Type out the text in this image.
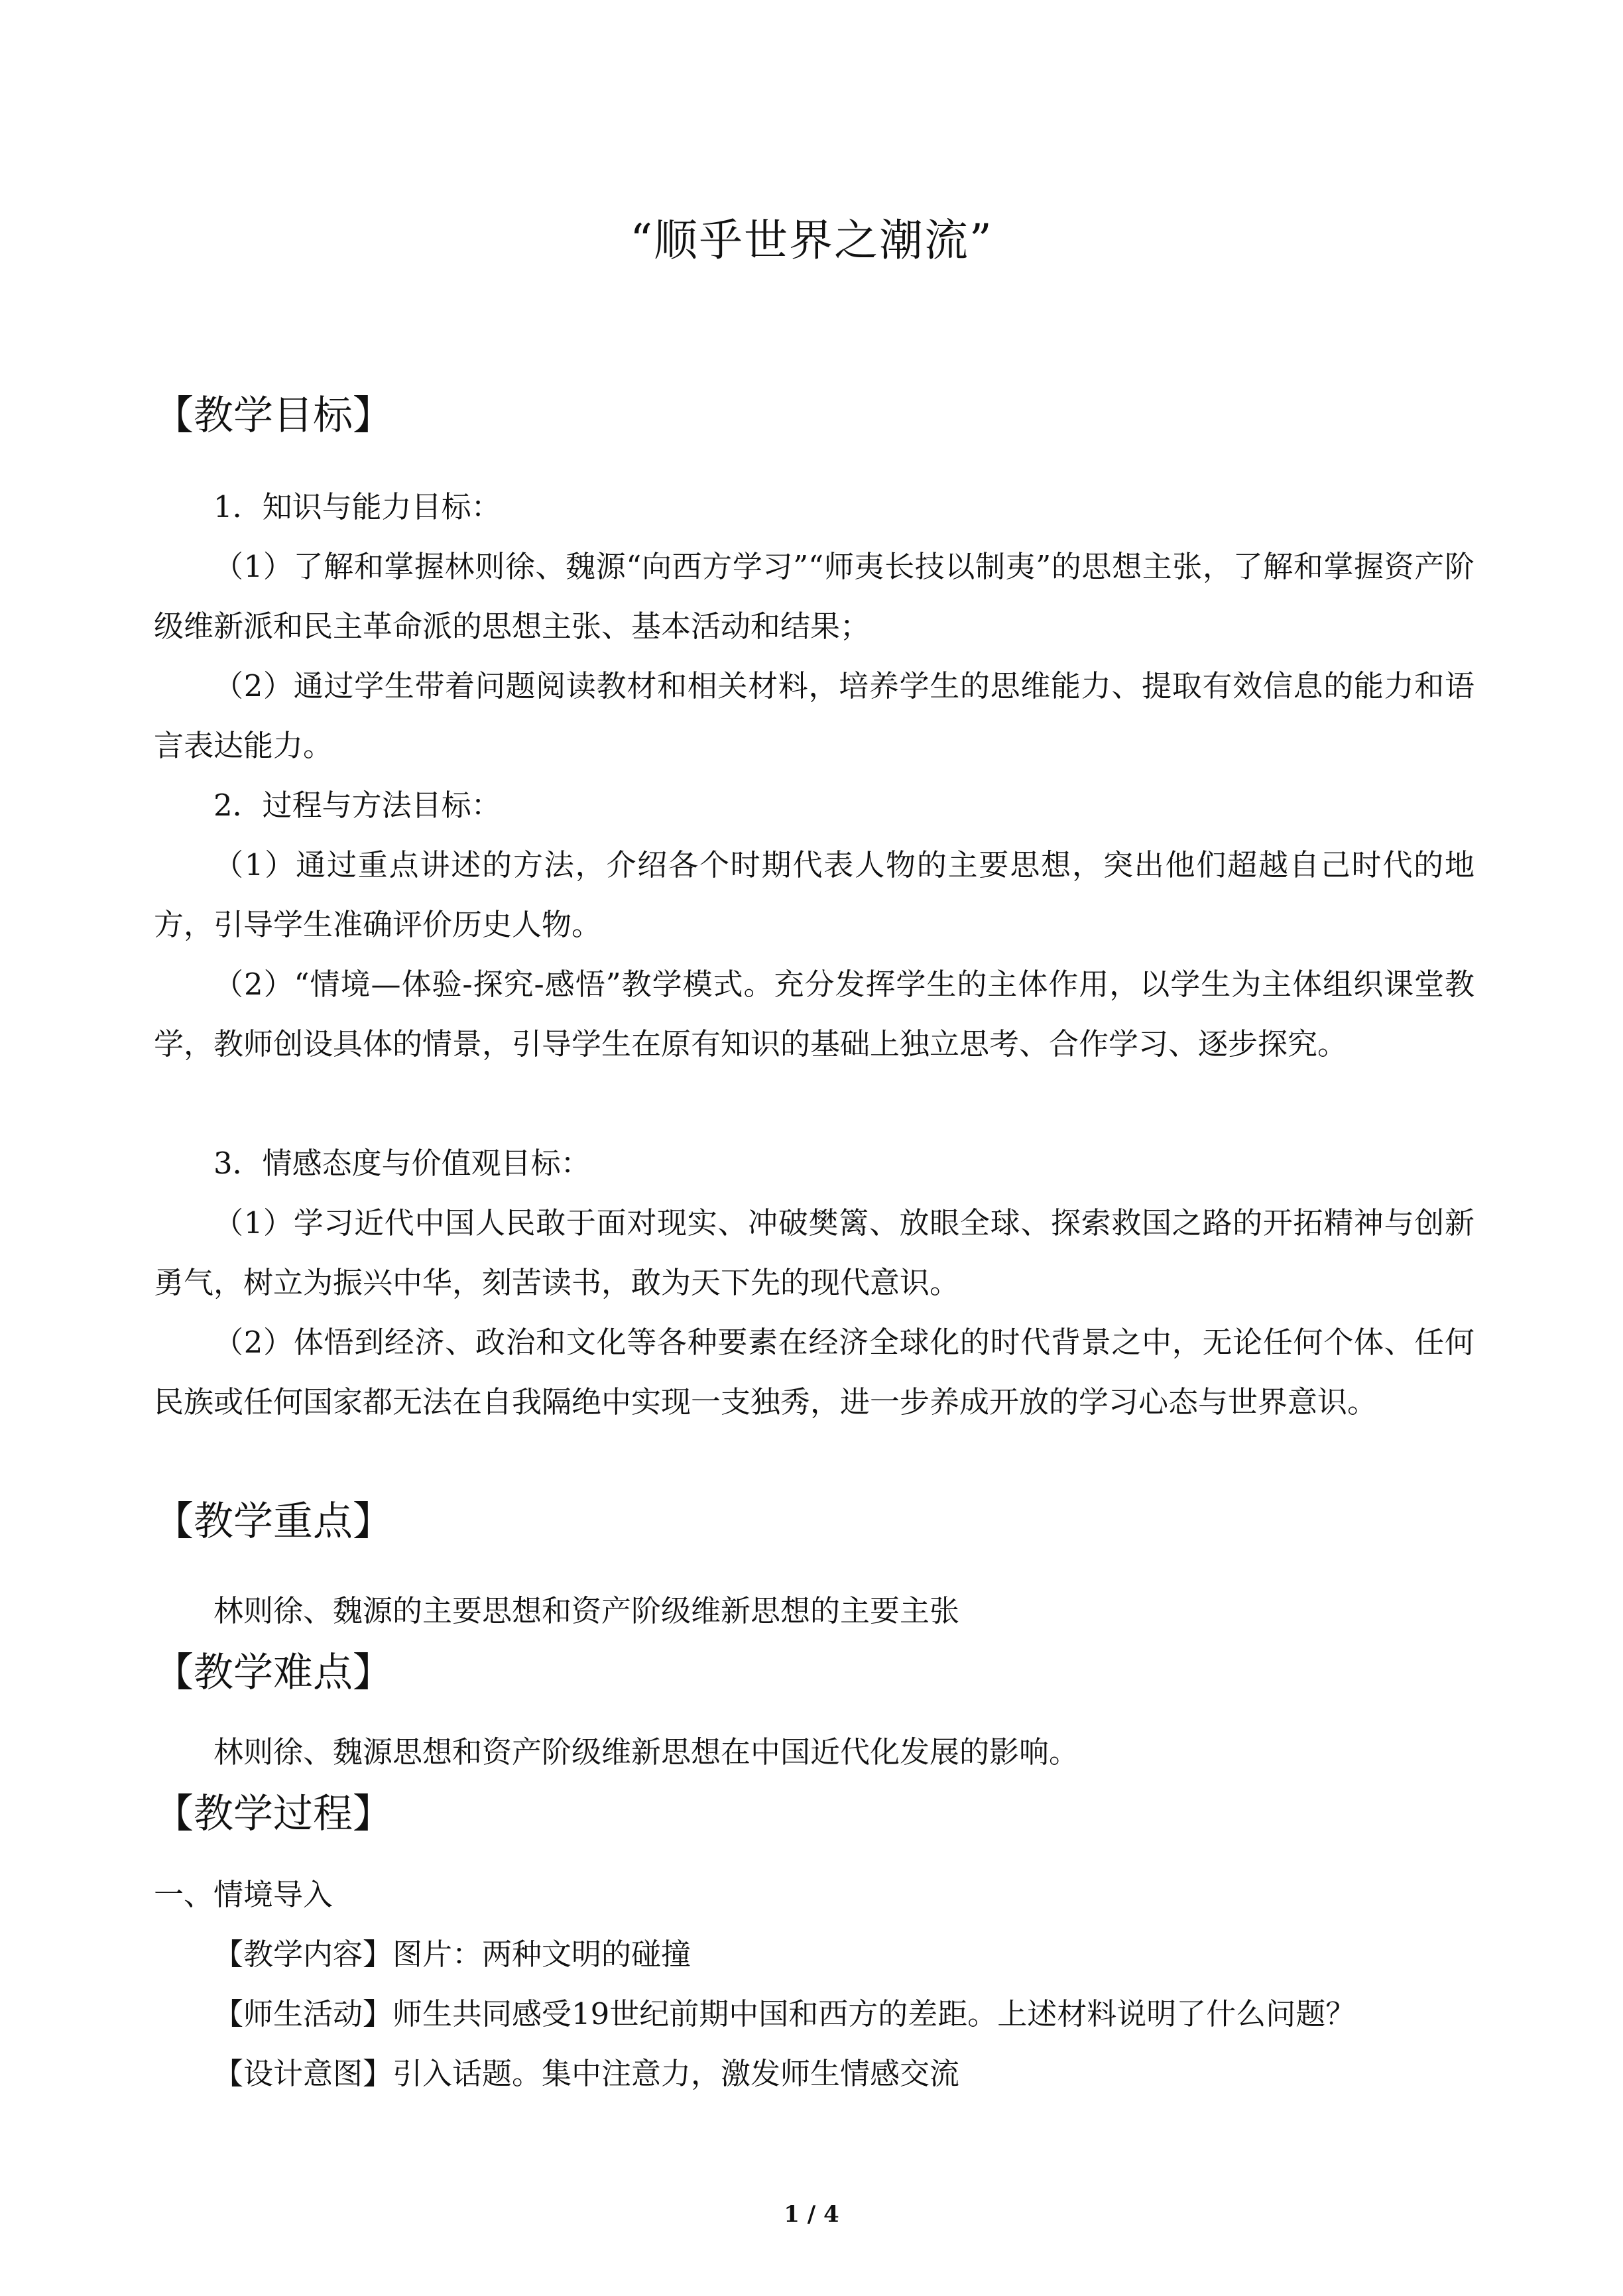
“顺乎世界之潮流”
【教学目标】
1．知识与能力目标：

（1）了解和掌握林则徐、魏源“向西方学习”“师夷长技以制夷”的思想主张，了解和掌握资产阶级维新派和民主革命派的思想主张、基本活动和结果；

（2）通过学生带着问题阅读教材和相关材料，培养学生的思维能力、提取有效信息的能力和语言表达能力。

2．过程与方法目标：

（1）通过重点讲述的方法，介绍各个时期代表人物的主要思想，突出他们超越自己时代的地方，引导学生准确评价历史人物。

（2）“情境—体验-探究-感悟”教学模式。充分发挥学生的主体作用，以学生为主体组织课堂教学，教师创设具体的情景，引导学生在原有知识的基础上独立思考、合作学习、逐步探究。

3．情感态度与价值观目标：

（1）学习近代中国人民敢于面对现实、冲破樊篱、放眼全球、探索救国之路的开拓精神与创新勇气，树立为振兴中华，刻苦读书，敢为天下先的现代意识。

（2）体悟到经济、政治和文化等各种要素在经济全球化的时代背景之中，无论任何个体、任何民族或任何国家都无法在自我隔绝中实现一支独秀，进一步养成开放的学习心态与世界意识。

【教学重点】
林则徐、魏源的主要思想和资产阶级维新思想的主要主张
【教学难点】
林则徐、魏源思想和资产阶级维新思想在中国近代化发展的影响。
【教学过程】
一、情境导入
【教学内容】图片：两种文明的碰撞
【师生活动】师生共同感受19世纪前期中国和西方的差距。上述材料说明了什么问题？
【设计意图】引入话题。集中注意力，激发师生情感交流
1 / 4
